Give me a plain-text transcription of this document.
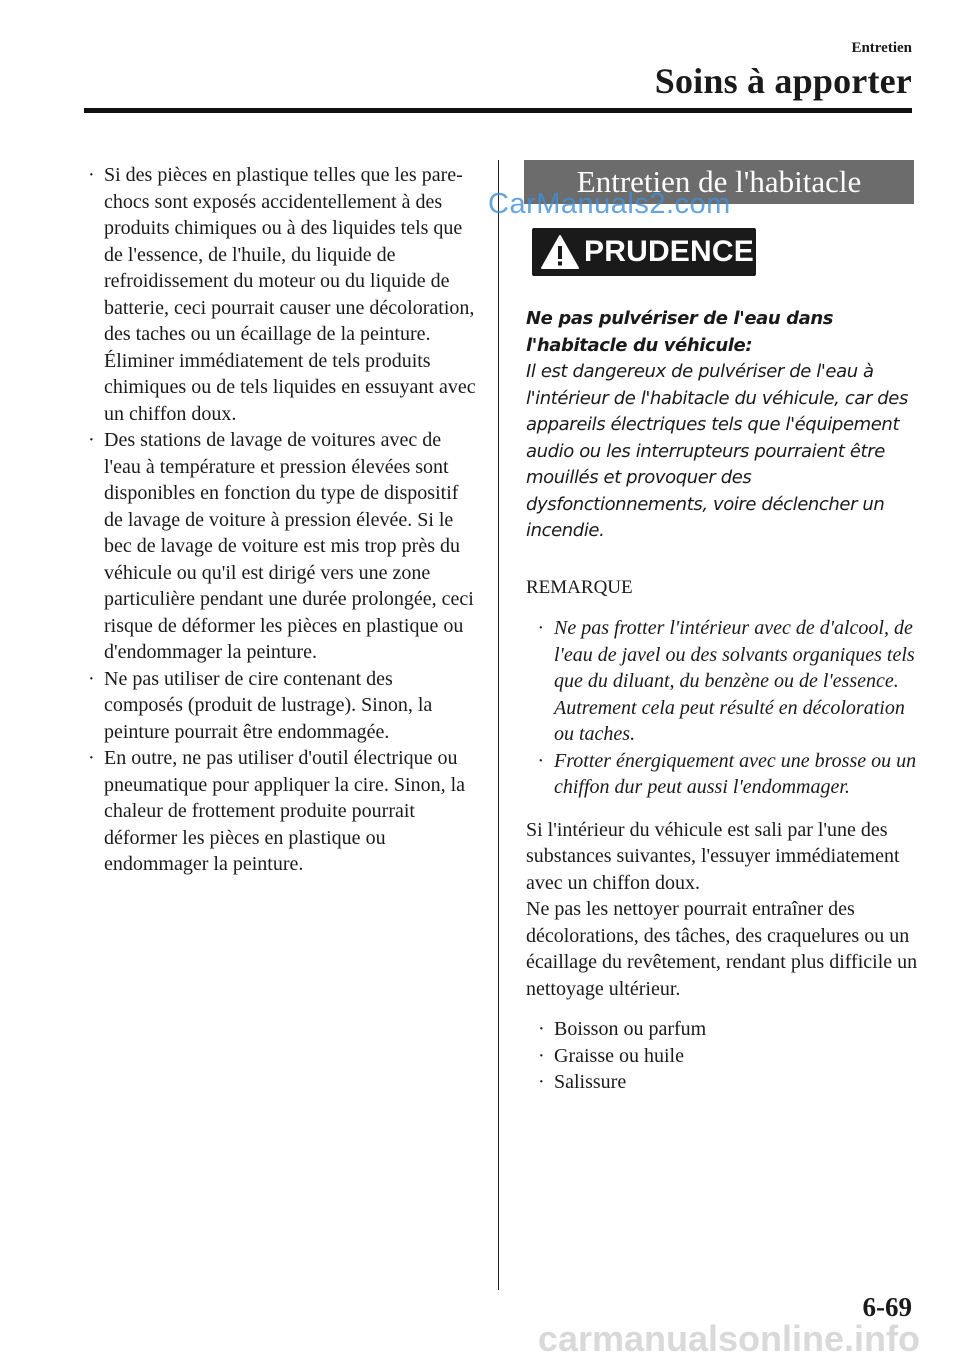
Entretien
Soins à apporter
· Si des pièces en plastique telles que les pare-chocs sont exposés accidentellement à des produits chimiques ou à des liquides tels que de l'essence, de l'huile, du liquide de refroidissement du moteur ou du liquide de batterie, ceci pourrait causer une décoloration, des taches ou un écaillage de la peinture. Éliminer immédiatement de tels produits chimiques ou de tels liquides en essuyant avec un chiffon doux.
· Des stations de lavage de voitures avec de l'eau à température et pression élevées sont disponibles en fonction du type de dispositif de lavage de voiture à pression élevée. Si le bec de lavage de voiture est mis trop près du véhicule ou qu'il est dirigé vers une zone particulière pendant une durée prolongée, ceci risque de déformer les pièces en plastique ou d'endommager la peinture.
· Ne pas utiliser de cire contenant des composés (produit de lustrage). Sinon, la peinture pourrait être endommagée.
· En outre, ne pas utiliser d'outil électrique ou pneumatique pour appliquer la cire. Sinon, la chaleur de frottement produite pourrait déformer les pièces en plastique ou endommager la peinture.
Entretien de l'habitacle
PRUDENCE
Ne pas pulvériser de l'eau dans l'habitacle du véhicule:
Il est dangereux de pulvériser de l'eau à l'intérieur de l'habitacle du véhicule, car des appareils électriques tels que l'équipement audio ou les interrupteurs pourraient être mouillés et provoquer des dysfonctionnements, voire déclencher un incendie.
REMARQUE
· Ne pas frotter l'intérieur avec de d'alcool, de l'eau de javel ou des solvants organiques tels que du diluant, du benzène ou de l'essence. Autrement cela peut résulté en décoloration ou taches.
· Frotter énergiquement avec une brosse ou un chiffon dur peut aussi l'endommager.
Si l'intérieur du véhicule est sali par l'une des substances suivantes, l'essuyer immédiatement avec un chiffon doux.
Ne pas les nettoyer pourrait entraîner des décolorations, des tâches, des craquelures ou un écaillage du revêtement, rendant plus difficile un nettoyage ultérieur.
· Boisson ou parfum
· Graisse ou huile
· Salissure
CarManuals2.com
6-69
carmanualsonline.info
